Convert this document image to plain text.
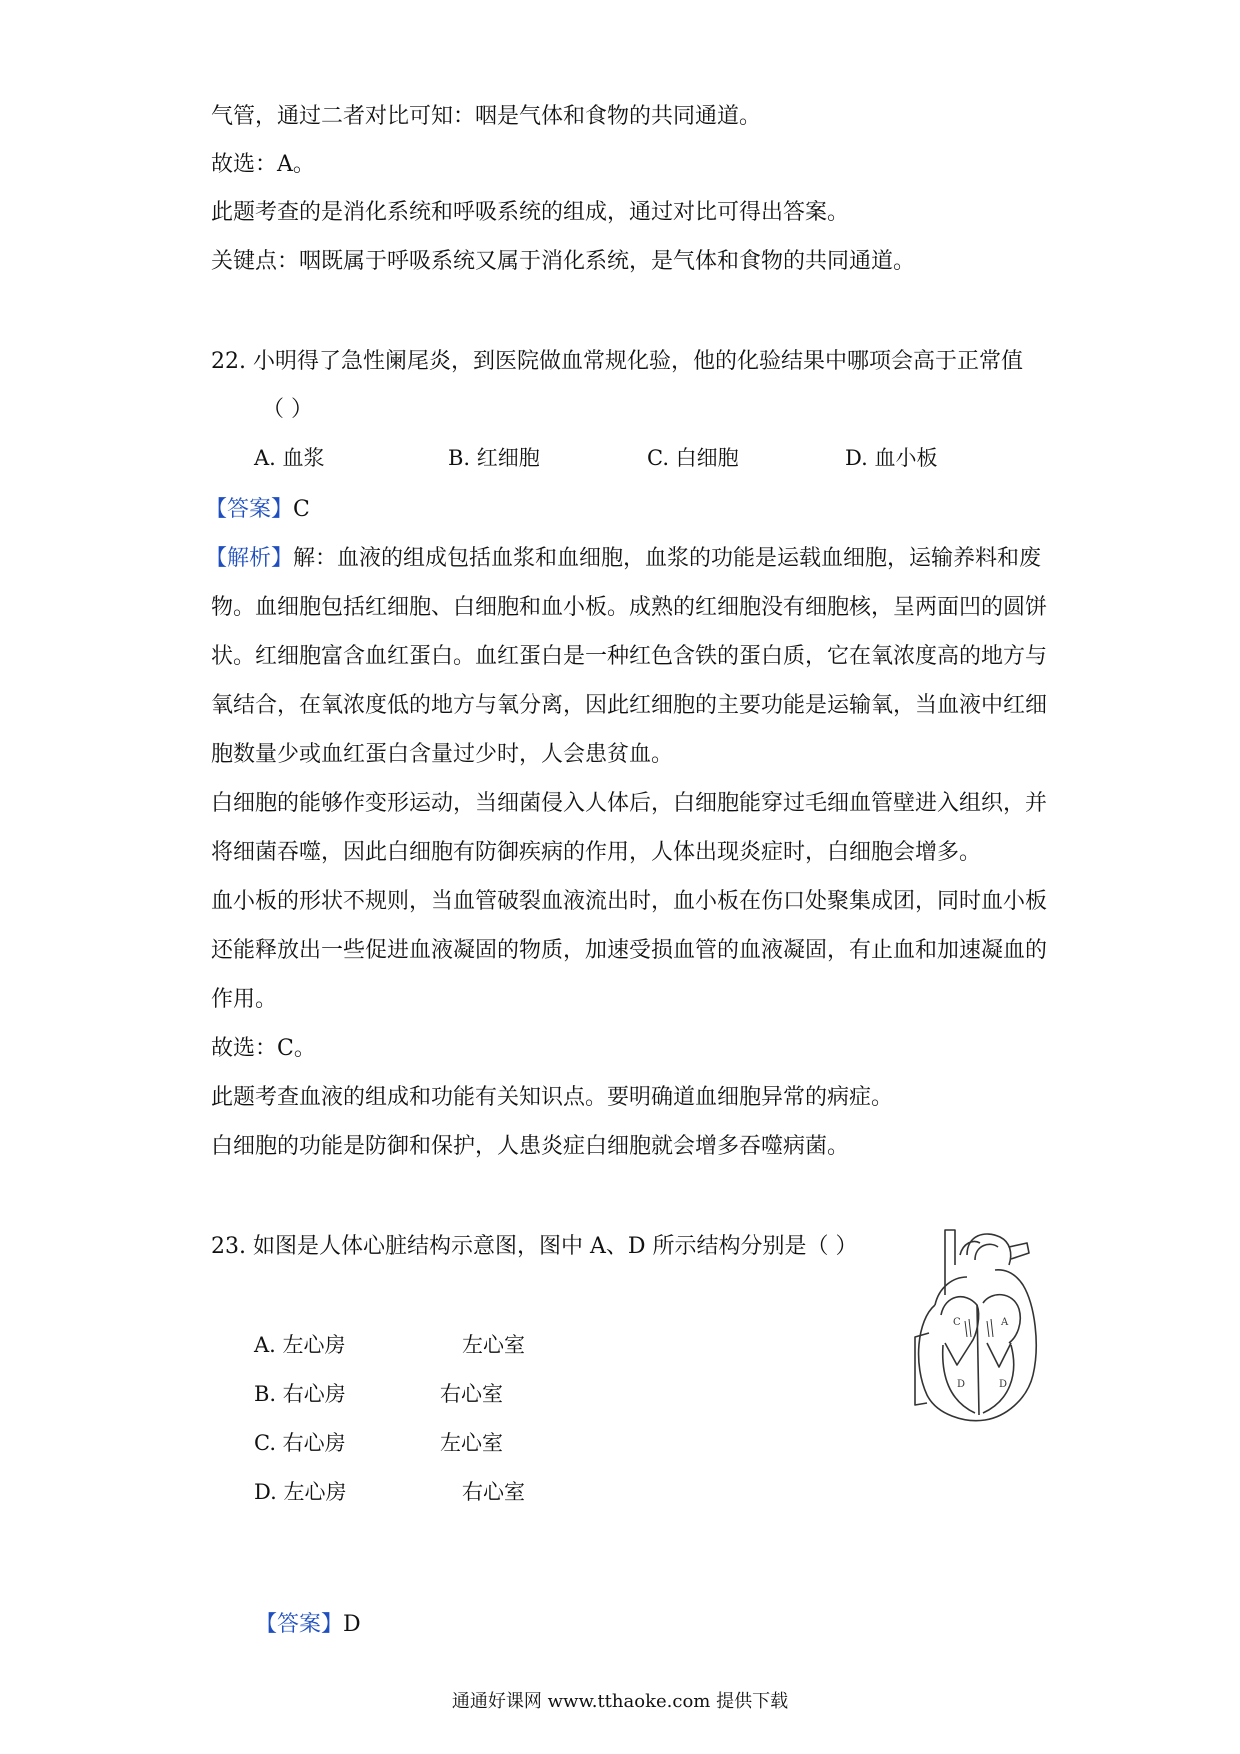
气管，通过二者对比可知：咽是气体和食物的共同通道。
故选：A。
此题考查的是消化系统和呼吸系统的组成，通过对比可得出答案。
关键点：咽既属于呼吸系统又属于消化系统，是气体和食物的共同通道。
22. 小明得了急性阑尾炎，到医院做血常规化验，他的化验结果中哪项会高于正常值
（ ）
A. 血浆	B. 红细胞	C. 白细胞	D. 血小板
【答案】C
【解析】解：血液的组成包括血浆和血细胞，血浆的功能是运载血细胞，运输养料和废
物。血细胞包括红细胞、白细胞和血小板。成熟的红细胞没有细胞核，呈两面凹的圆饼
状。红细胞富含血红蛋白。血红蛋白是一种红色含铁的蛋白质，它在氧浓度高的地方与
氧结合，在氧浓度低的地方与氧分离，因此红细胞的主要功能是运输氧，当血液中红细
胞数量少或血红蛋白含量过少时，人会患贫血。
白细胞的能够作变形运动，当细菌侵入人体后，白细胞能穿过毛细血管壁进入组织，并
将细菌吞噬，因此白细胞有防御疾病的作用，人体出现炎症时，白细胞会增多。
血小板的形状不规则，当血管破裂血液流出时，血小板在伤口处聚集成团，同时血小板
还能释放出一些促进血液凝固的物质，加速受损血管的血液凝固，有止血和加速凝血的
作用。
故选：C。
此题考查血液的组成和功能有关知识点。要明确道血细胞异常的病症。
白细胞的功能是防御和保护，人患炎症白细胞就会增多吞噬病菌。
23. 如图是人体心脏结构示意图，图中 A、D 所示结构分别是（ ）
A. 左心房	左心室
B. 右心房	右心室
C. 右心房	左心室
D. 左心房	右心室
C	A
D	D
【答案】D
通通好课网 www.tthaoke.com 提供下载
